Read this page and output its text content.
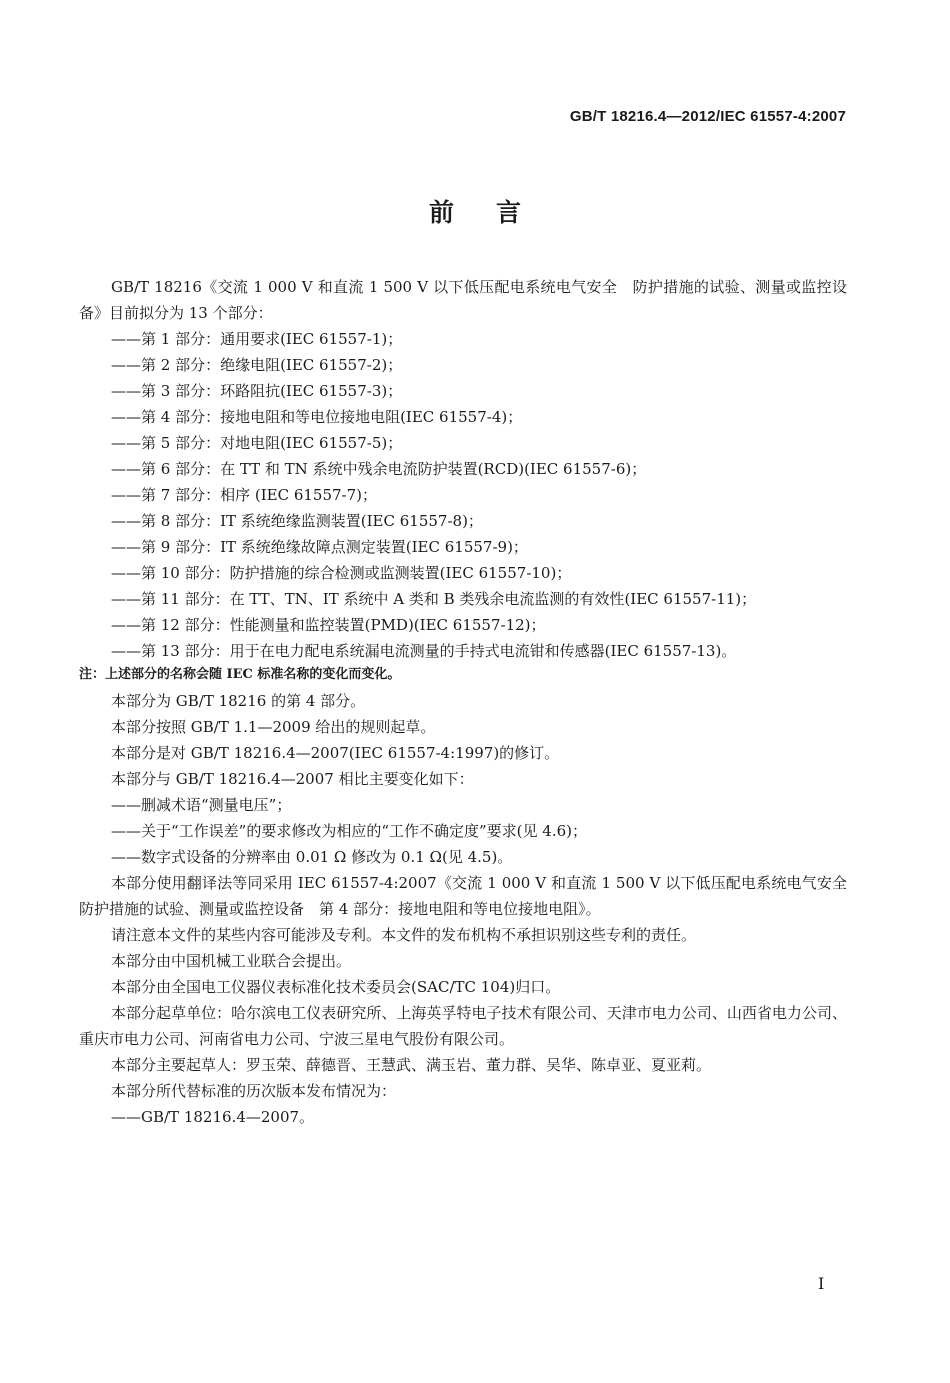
GB/T 18216.4—2012/IEC 61557-4:2007
前言

GB/T 18216《交流 1 000 V 和直流 1 500 V 以下低压配电系统电气安全　防护措施的试验、测量或监控设备》目前拟分为 13 个部分：

——第 1 部分：通用要求(IEC 61557-1)；

——第 2 部分：绝缘电阻(IEC 61557-2)；

——第 3 部分：环路阻抗(IEC 61557-3)；

——第 4 部分：接地电阻和等电位接地电阻(IEC 61557-4)；

——第 5 部分：对地电阻(IEC 61557-5)；

——第 6 部分：在 TT 和 TN 系统中残余电流防护装置(RCD)(IEC 61557-6)；

——第 7 部分：相序 (IEC 61557-7)；

——第 8 部分：IT 系统绝缘监测装置(IEC 61557-8)；

——第 9 部分：IT 系统绝缘故障点测定装置(IEC 61557-9)；

——第 10 部分：防护措施的综合检测或监测装置(IEC 61557-10)；

——第 11 部分：在 TT、TN、IT 系统中 A 类和 B 类残余电流监测的有效性(IEC 61557-11)；

——第 12 部分：性能测量和监控装置(PMD)(IEC 61557-12)；

——第 13 部分：用于在电力配电系统漏电流测量的手持式电流钳和传感器(IEC 61557-13)。

注：上述部分的名称会随 IEC 标准名称的变化而变化。

本部分为 GB/T 18216 的第 4 部分。

本部分按照 GB/T 1.1—2009 给出的规则起草。

本部分是对 GB/T 18216.4—2007(IEC 61557-4:1997)的修订。

本部分与 GB/T 18216.4—2007 相比主要变化如下：

——删减术语“测量电压”；

——关于“工作误差”的要求修改为相应的“工作不确定度”要求(见 4.6)；

——数字式设备的分辨率由 0.01 Ω 修改为 0.1 Ω(见 4.5)。

本部分使用翻译法等同采用 IEC 61557-4:2007《交流 1 000 V 和直流 1 500 V 以下低压配电系统电气安全防护措施的试验、测量或监控设备　第 4 部分：接地电阻和等电位接地电阻》。

请注意本文件的某些内容可能涉及专利。本文件的发布机构不承担识别这些专利的责任。

本部分由中国机械工业联合会提出。

本部分由全国电工仪器仪表标准化技术委员会(SAC/TC 104)归口。

本部分起草单位：哈尔滨电工仪表研究所、上海英孚特电子技术有限公司、天津市电力公司、山西省电力公司、重庆市电力公司、河南省电力公司、宁波三星电气股份有限公司。

本部分主要起草人：罗玉荣、薛德晋、王慧武、满玉岩、董力群、吴华、陈卓亚、夏亚莉。

本部分所代替标准的历次版本发布情况为：

——GB/T 18216.4—2007。

I
